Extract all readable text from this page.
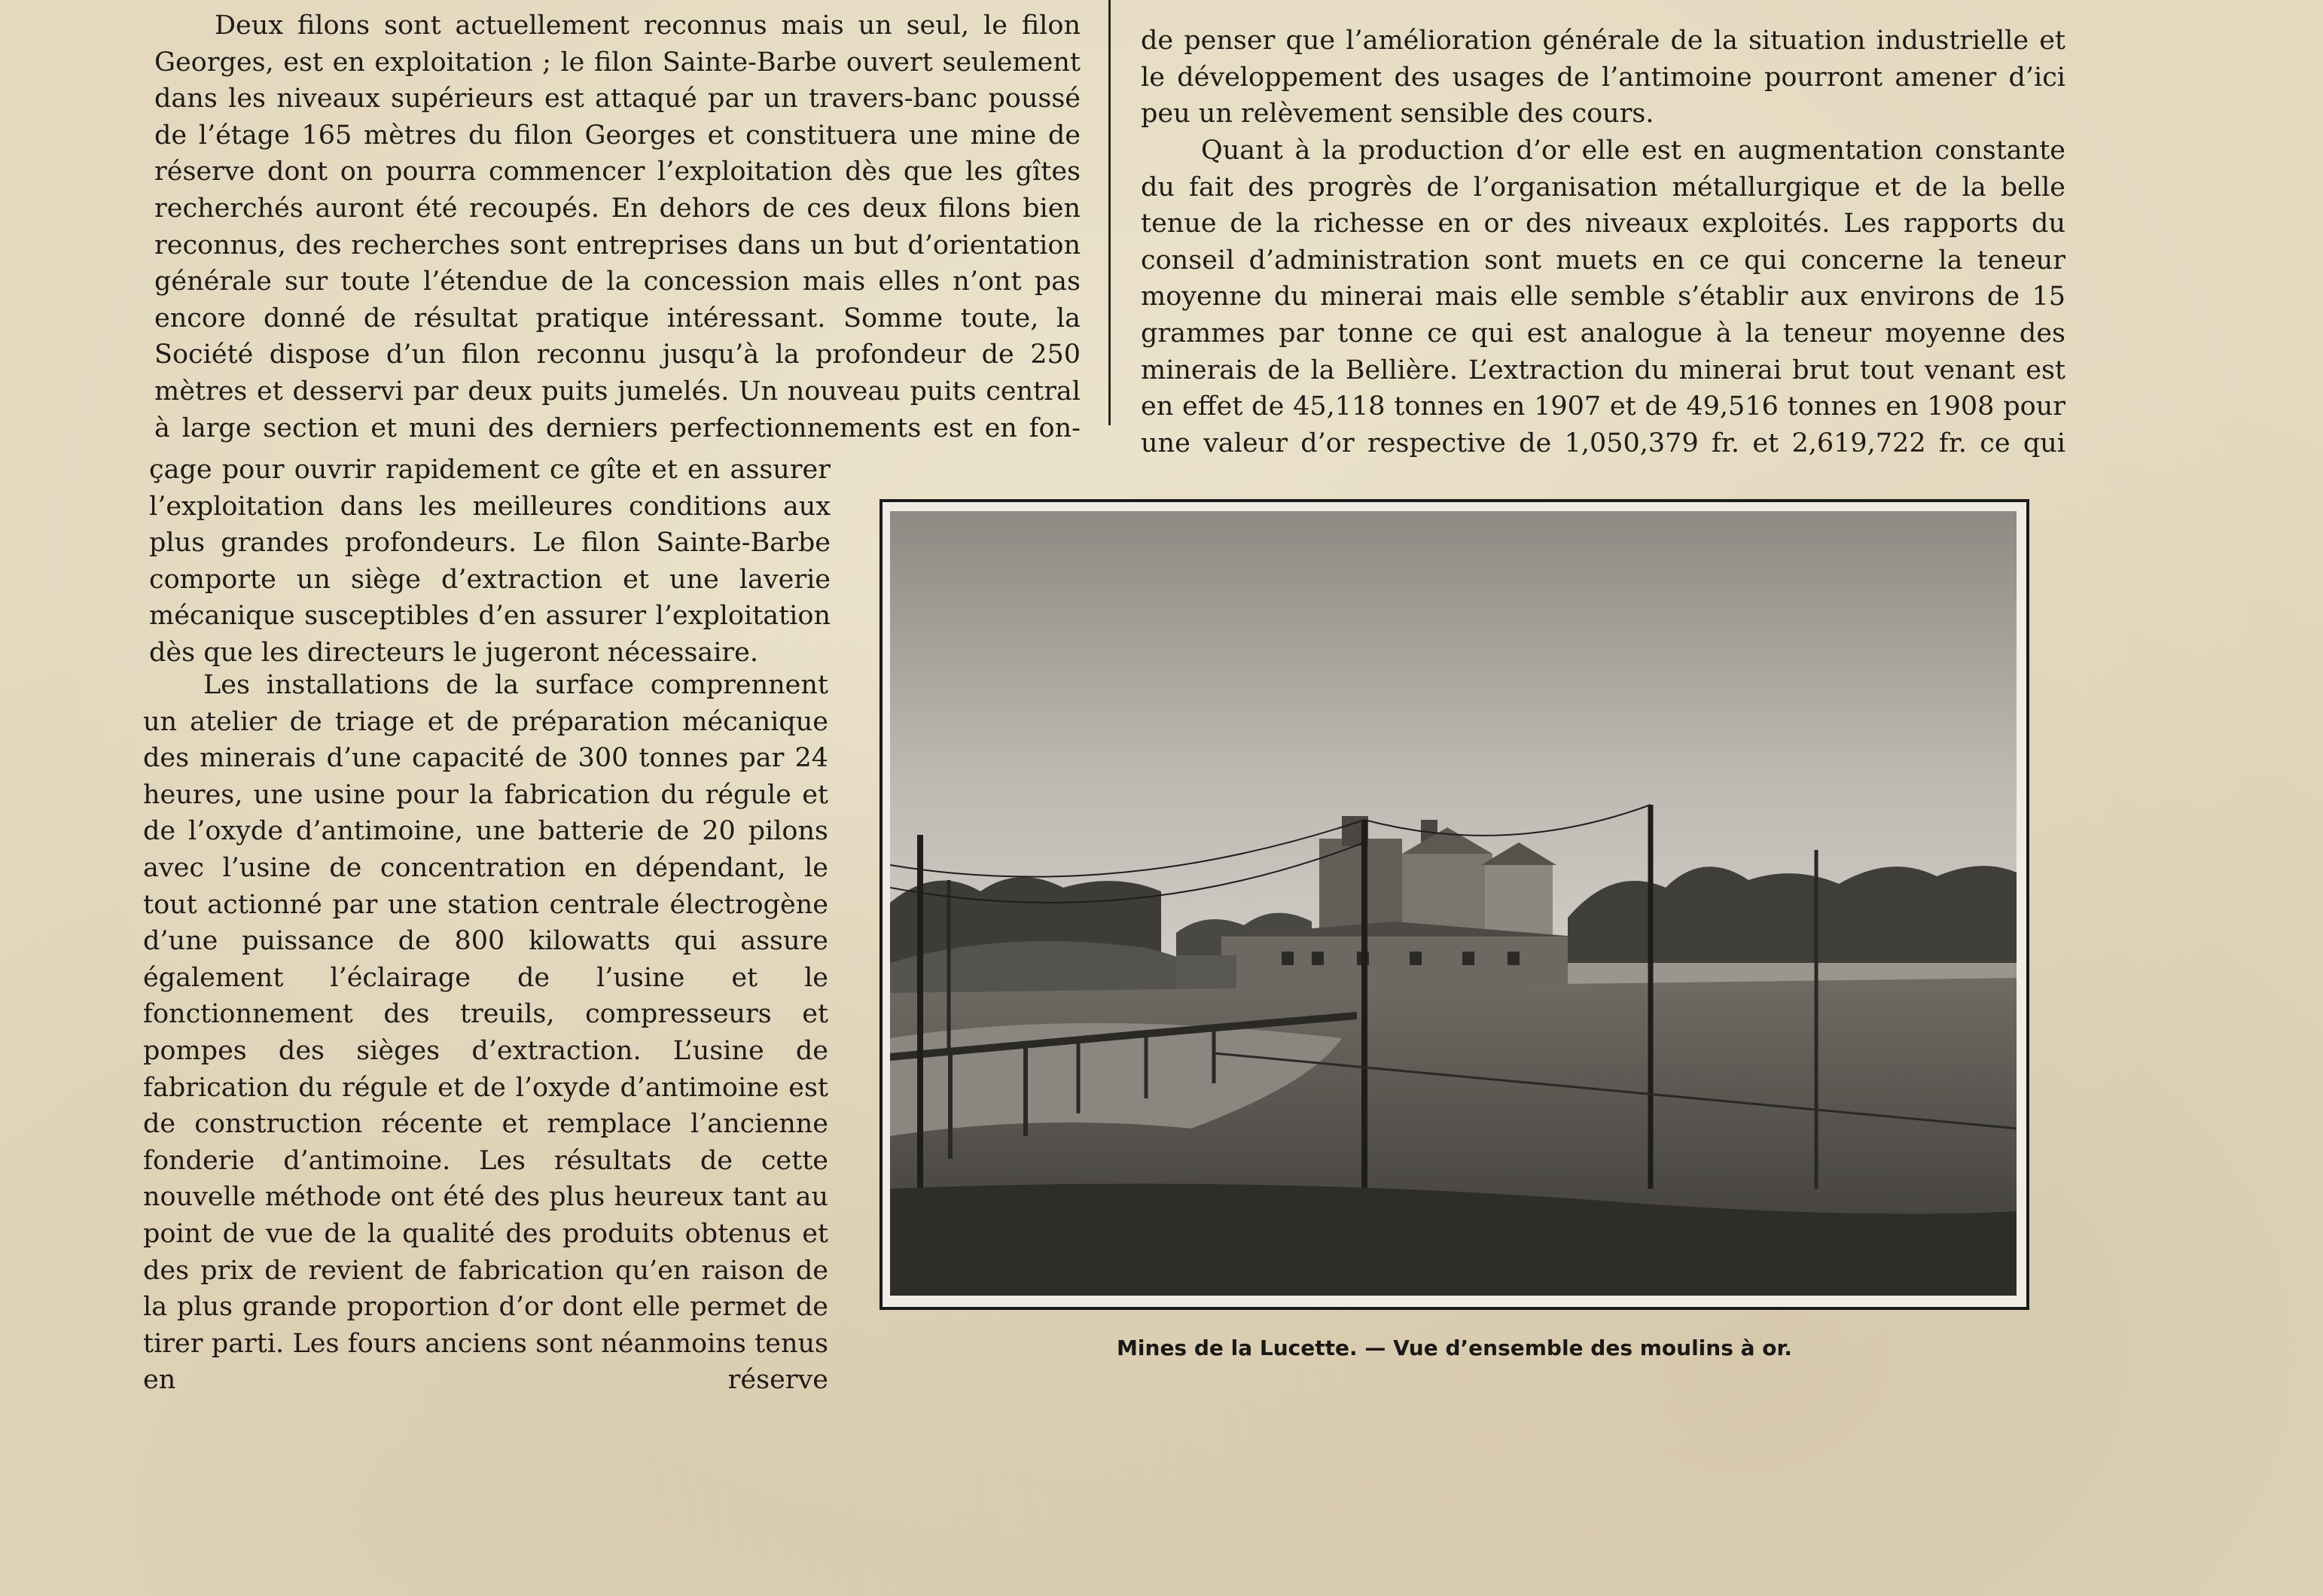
Deux filons sont actuellement reconnus mais un seul, le filon Georges, est en exploitation ; le filon Sainte-Barbe ouvert seulement dans les niveaux supérieurs est attaqué par un travers-banc poussé de l’étage 165 mètres du filon Georges et constituera une mine de réserve dont on pourra commencer l’exploitation dès que les gîtes recherchés auront été recoupés. En dehors de ces deux filons bien reconnus, des recherches sont entreprises dans un but d’orientation générale sur toute l’étendue de la concession mais elles n’ont pas encore donné de résultat pratique intéressant. Somme toute, la Société dispose d’un filon reconnu jusqu’à la profondeur de 250 mètres et desservi par deux puits jumelés. Un nouveau puits central à large section et muni des derniers perfectionnements est en fon-

çage pour ouvrir rapidement ce gîte et en assurer l’exploitation dans les meilleures conditions aux plus grandes profondeurs. Le filon Sainte-Barbe comporte un siège d’extraction et une laverie mécanique susceptibles d’en assurer l’exploitation dès que les directeurs le jugeront nécessaire.

Les installations de la surface comprennent un atelier de triage et de préparation mécanique des minerais d’une capacité de 300 tonnes par 24 heures, une usine pour la fabrication du régule et de l’oxyde d’antimoine, une batterie de 20 pilons avec l’usine de concentration en dépendant, le tout actionné par une station centrale électrogène d’une puissance de 800 kilowatts qui assure également l’éclairage de l’usine et le fonctionnement des treuils, compresseurs et pompes des sièges d’extraction. L’usine de fabrication du régule et de l’oxyde d’antimoine est de construction récente et remplace l’ancienne fonderie d’antimoine. Les résultats de cette nouvelle méthode ont été des plus heureux tant au point de vue de la qualité des produits obtenus et des prix de revient de fabrication qu’en raison de la plus grande proportion d’or dont elle permet de tirer parti. Les fours anciens sont néanmoins tenus en réserve

de penser que l’amélioration générale de la situation industrielle et le développement des usages de l’antimoine pourront amener d’ici peu un relèvement sensible des cours.

Quant à la production d’or elle est en augmentation constante du fait des progrès de l’organisation métallurgique et de la belle tenue de la richesse en or des niveaux exploités. Les rapports du conseil d’administration sont muets en ce qui concerne la teneur moyenne du minerai mais elle semble s’établir aux environs de 15 grammes par tonne ce qui est analogue à la teneur moyenne des minerais de la Bellière. L’extraction du minerai brut tout venant est en effet de 45,118 tonnes en 1907 et de 49,516 tonnes en 1908 pour une valeur d’or respective de 1,050,379 fr. et 2,619,722 fr. ce qui

Mines de la Lucette. — Vue d’ensemble des moulins à or.
